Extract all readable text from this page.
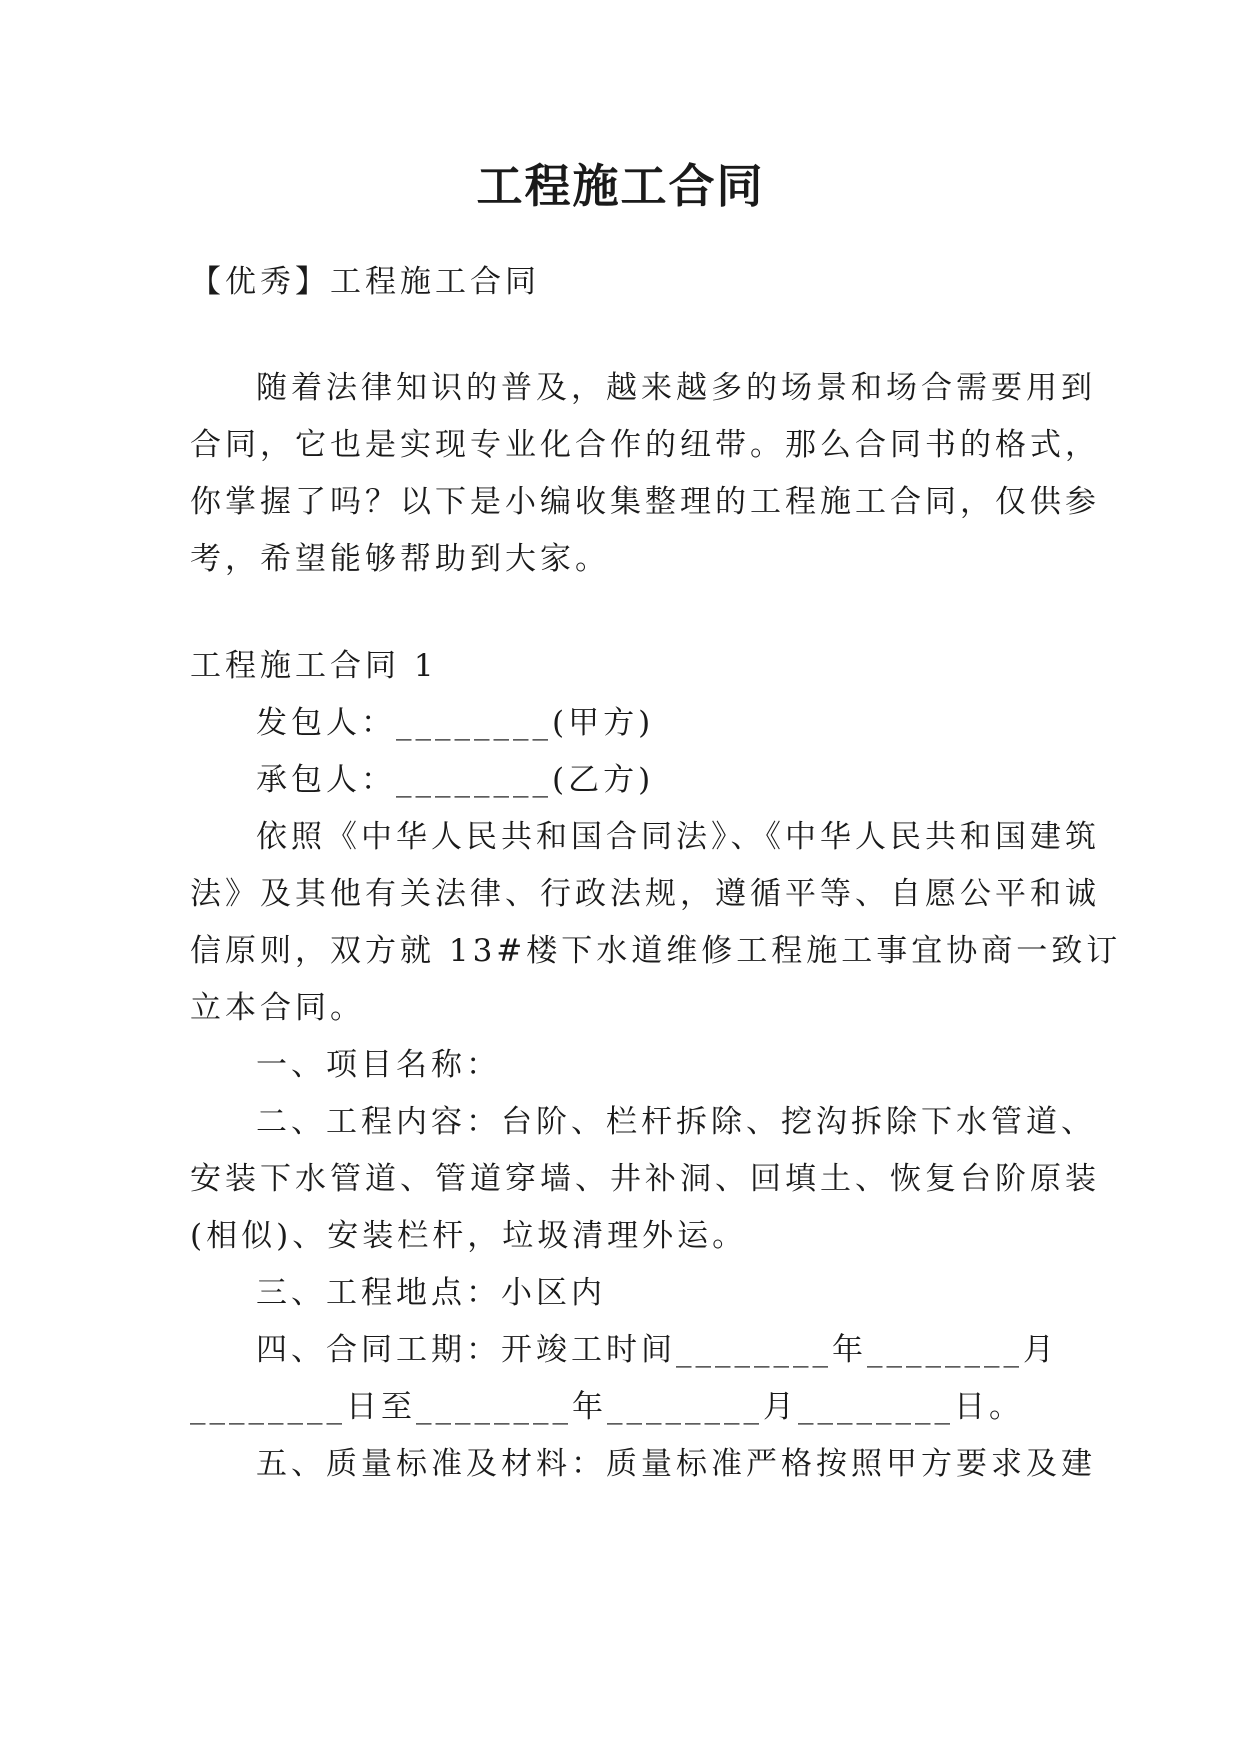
工程施工合同
【优秀】工程施工合同
随着法律知识的普及，越来越多的场景和场合需要用到
合同，它也是实现专业化合作的纽带。那么合同书的格式，
你掌握了吗？以下是小编收集整理的工程施工合同，仅供参
考，希望能够帮助到大家。
工程施工合同 1
发包人：________(甲方)
承包人：________(乙方)
依照《中华人民共和国合同法》、《中华人民共和国建筑
法》及其他有关法律、行政法规，遵循平等、自愿公平和诚
信原则，双方就 13#楼下水道维修工程施工事宜协商一致订
立本合同。
一、项目名称：
二、工程内容：台阶、栏杆拆除、挖沟拆除下水管道、
安装下水管道、管道穿墙、井补洞、回填土、恢复台阶原装
(相似)、安装栏杆，垃圾清理外运。
三、工程地点：小区内
四、合同工期：开竣工时间________年________月
________日至________年________月________日。
五、质量标准及材料：质量标准严格按照甲方要求及建
